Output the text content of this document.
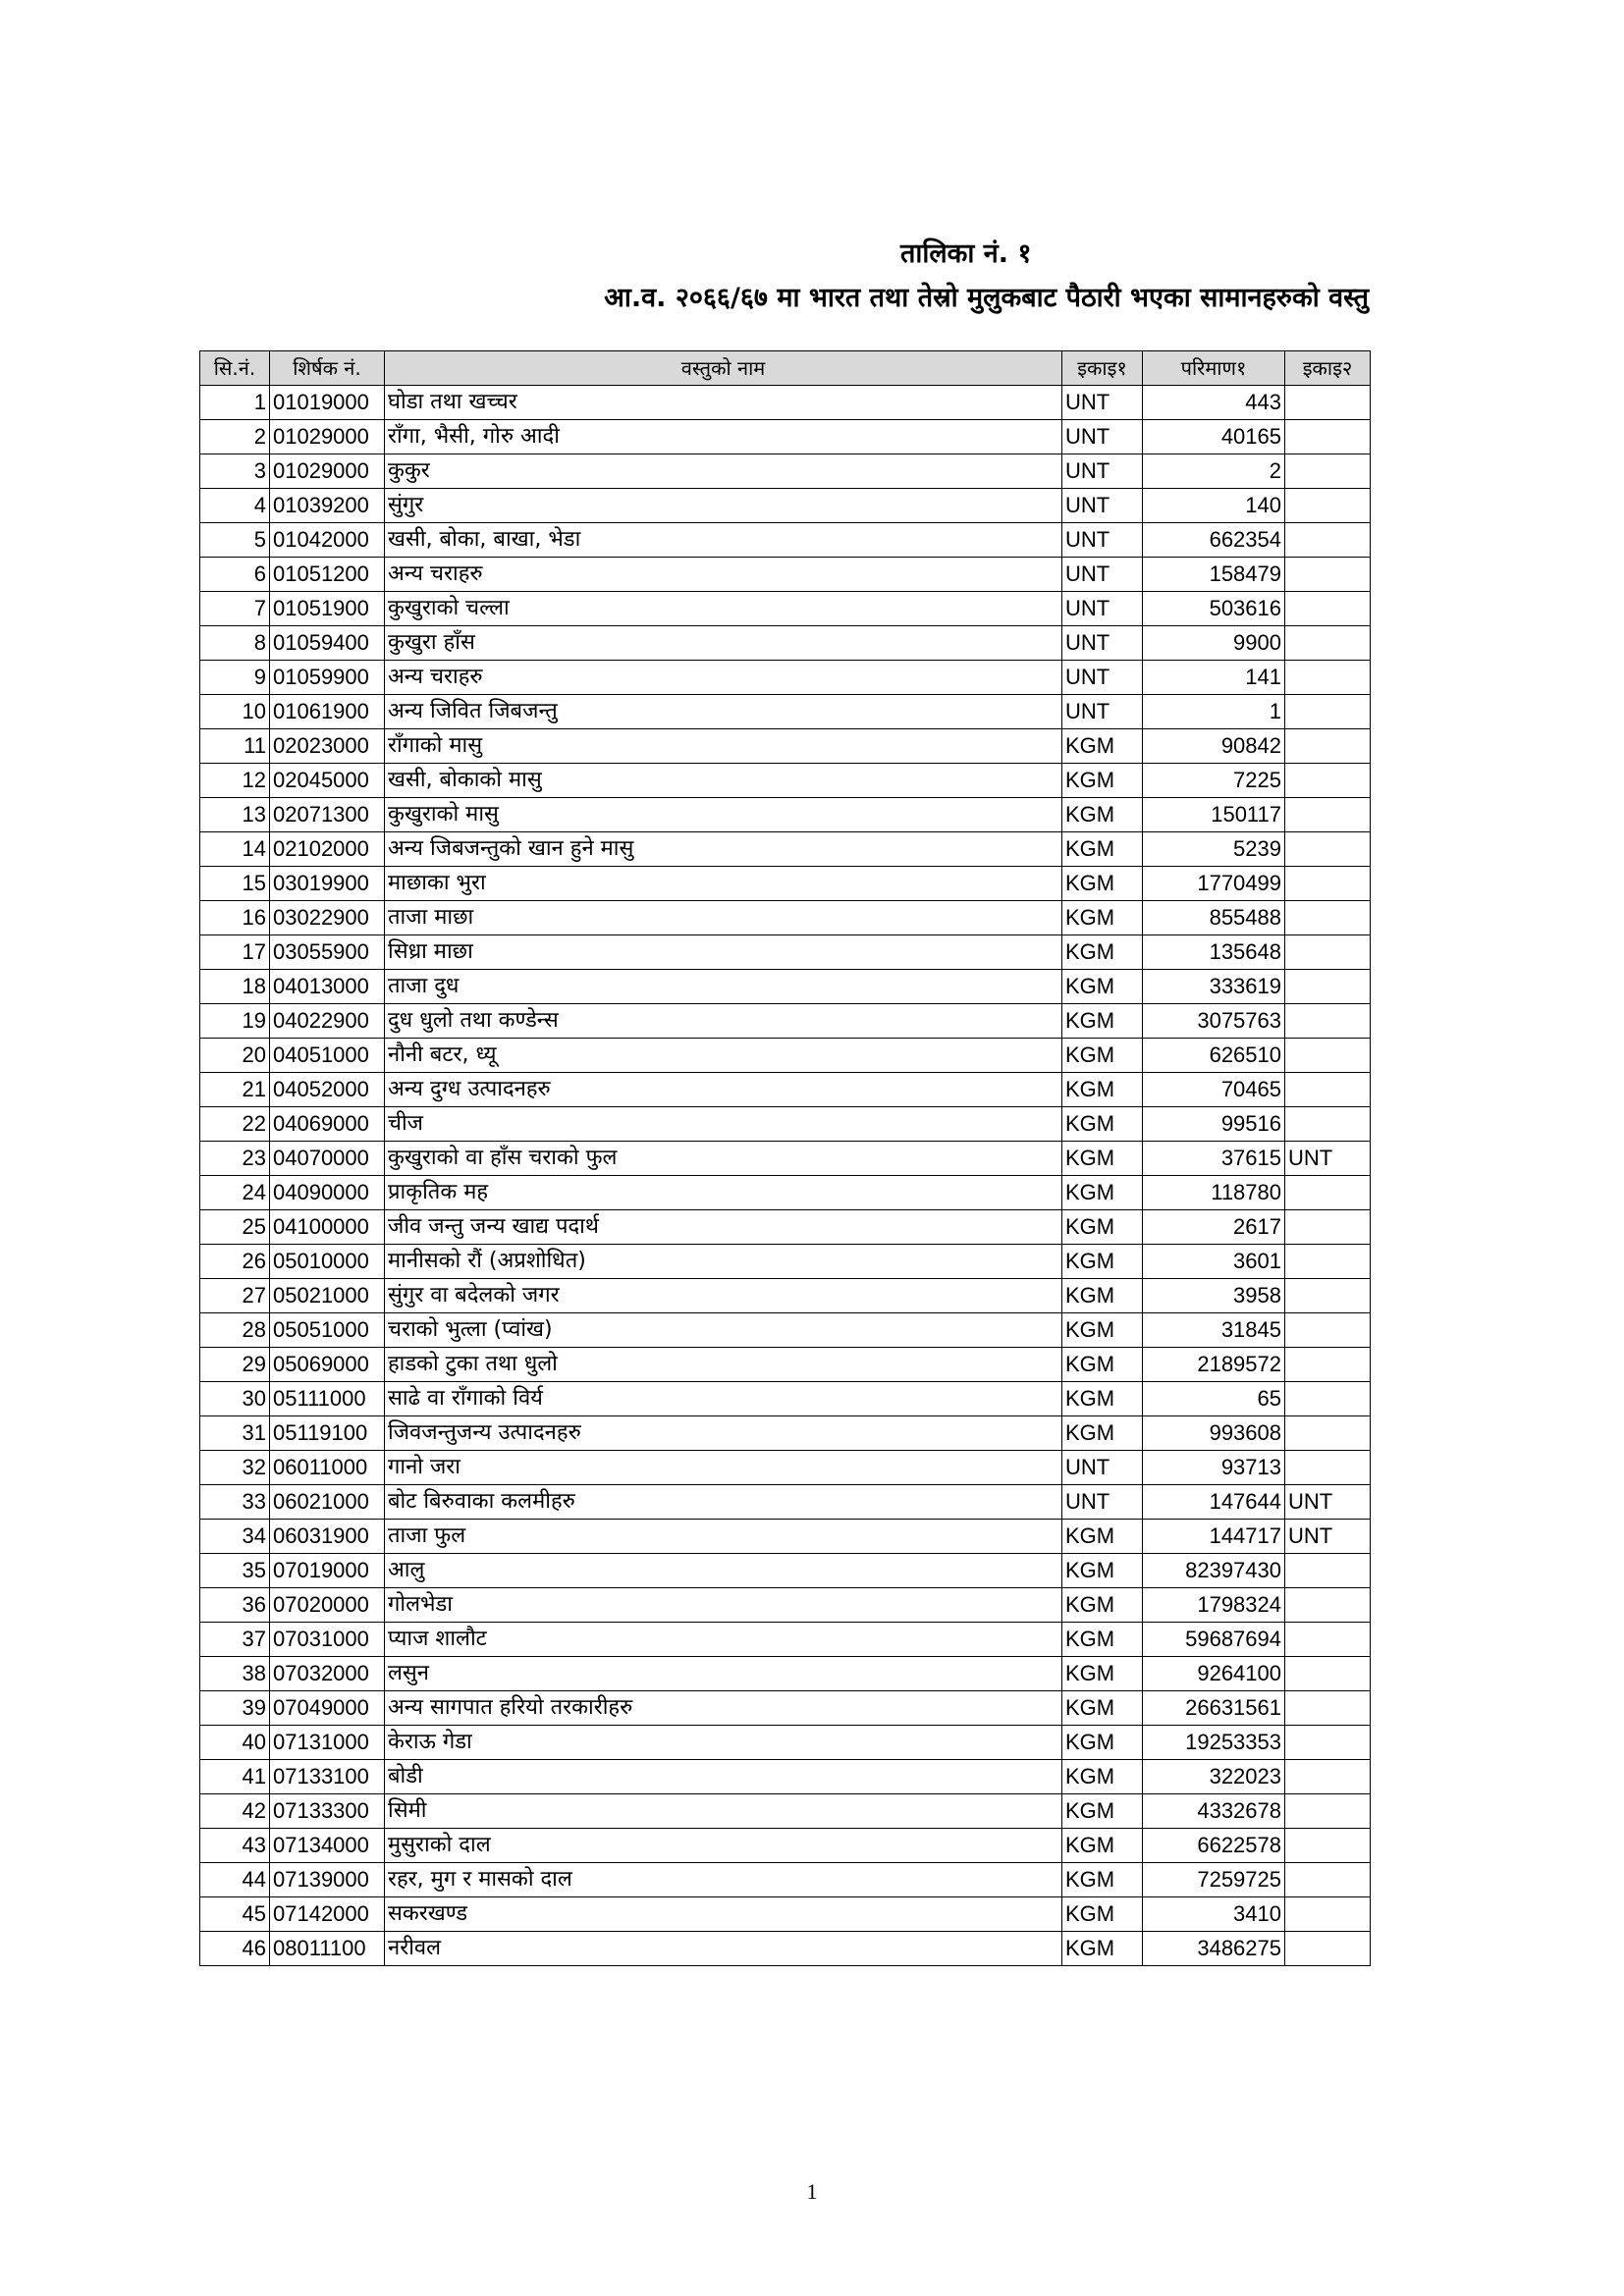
तालिका नं. १
आ.व. २०६६/६७ मा भारत तथा तेस्रो मुलुकबाट पैठारी भएका सामानहरुको वस्तु
सि.नं.	शिर्षक नं.	वस्तुको नाम	इकाइ१	परिमाण१	इकाइ२
1	01019000	घोडा तथा खच्चर	UNT	443	
2	01029000	राँगा, भैसी, गोरु आदी	UNT	40165	
3	01029000	कुकुर	UNT	2	
4	01039200	सुंगुर	UNT	140	
5	01042000	खसी, बोका, बाखा, भेडा	UNT	662354	
6	01051200	अन्य चराहरु	UNT	158479	
7	01051900	कुखुराको चल्ला	UNT	503616	
8	01059400	कुखुरा हाँस	UNT	9900	
9	01059900	अन्य चराहरु	UNT	141	
10	01061900	अन्य जिवित जिबजन्तु	UNT	1	
11	02023000	राँगाको मासु	KGM	90842	
12	02045000	खसी, बोकाको मासु	KGM	7225	
13	02071300	कुखुराको मासु	KGM	150117	
14	02102000	अन्य जिबजन्तुको खान हुने मासु	KGM	5239	
15	03019900	माछाका भुरा	KGM	1770499	
16	03022900	ताजा माछा	KGM	855488	
17	03055900	सिध्रा माछा	KGM	135648	
18	04013000	ताजा दुध	KGM	333619	
19	04022900	दुध धुलो तथा कण्डेन्स	KGM	3075763	
20	04051000	नौनी बटर, ध्यू	KGM	626510	
21	04052000	अन्य दुग्ध उत्पादनहरु	KGM	70465	
22	04069000	चीज	KGM	99516	
23	04070000	कुखुराको वा हाँस चराको फुल	KGM	37615	UNT
24	04090000	प्राकृतिक मह	KGM	118780	
25	04100000	जीव जन्तु जन्य खाद्य पदार्थ	KGM	2617	
26	05010000	मानीसको रौं (अप्रशोधित)	KGM	3601	
27	05021000	सुंगुर वा बदेलको जगर	KGM	3958	
28	05051000	चराको भुत्ला (प्वांख)	KGM	31845	
29	05069000	हाडको टुका तथा धुलो	KGM	2189572	
30	05111000	साढे वा राँगाको विर्य	KGM	65	
31	05119100	जिवजन्तुजन्य उत्पादनहरु	KGM	993608	
32	06011000	गानो जरा	UNT	93713	
33	06021000	बोट बिरुवाका कलमीहरु	UNT	147644	UNT
34	06031900	ताजा फुल	KGM	144717	UNT
35	07019000	आलु	KGM	82397430	
36	07020000	गोलभेडा	KGM	1798324	
37	07031000	प्याज शालौट	KGM	59687694	
38	07032000	लसुन	KGM	9264100	
39	07049000	अन्य सागपात हरियो तरकारीहरु	KGM	26631561	
40	07131000	केराऊ गेडा	KGM	19253353	
41	07133100	बोडी	KGM	322023	
42	07133300	सिमी	KGM	4332678	
43	07134000	मुसुराको दाल	KGM	6622578	
44	07139000	रहर, मुग र मासको दाल	KGM	7259725	
45	07142000	सकरखण्ड	KGM	3410	
46	08011100	नरीवल	KGM	3486275	
1
